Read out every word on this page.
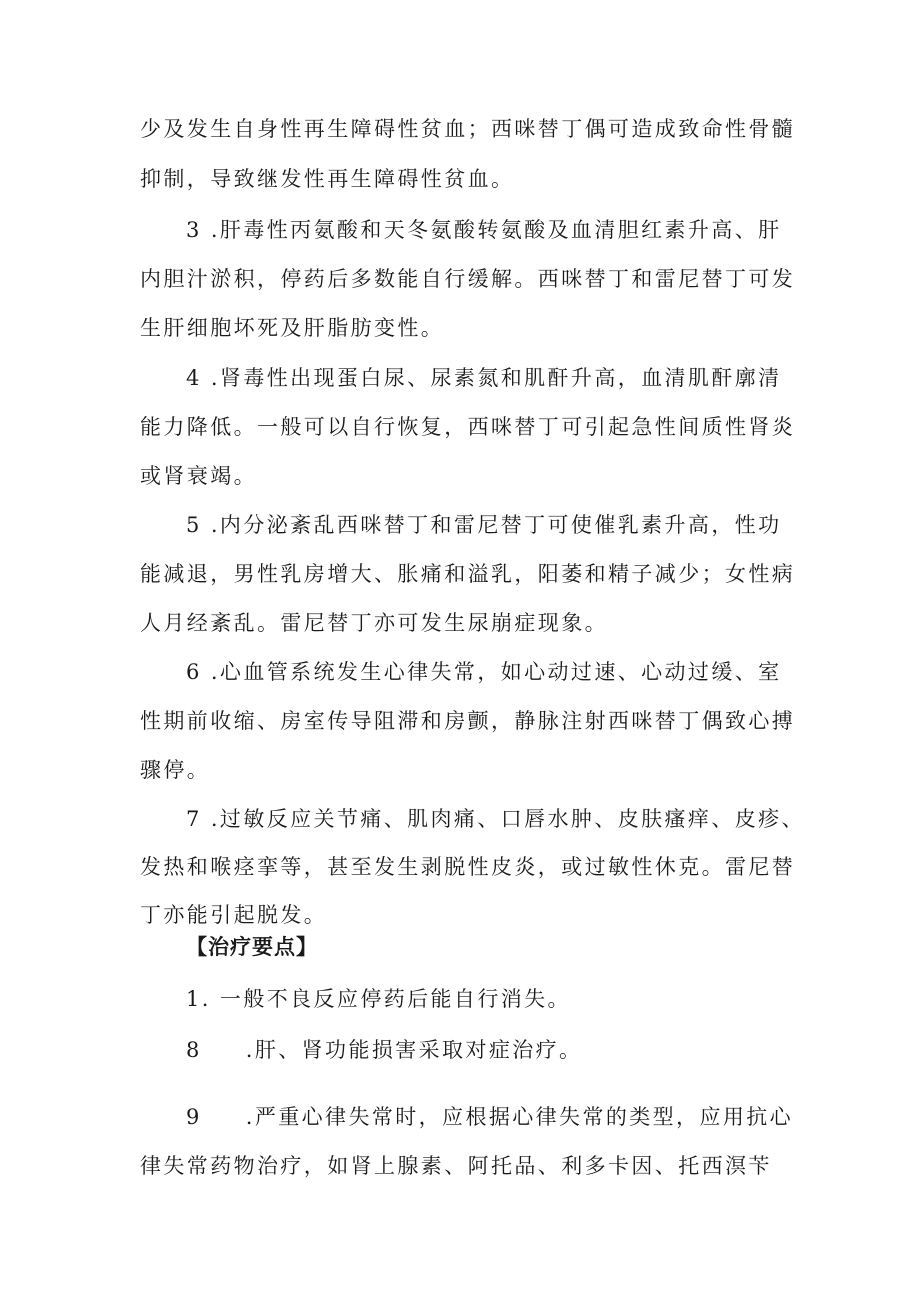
少及发生自身性再生障碍性贫血；西咪替丁偶可造成致命性骨髓
抑制，导致继发性再生障碍性贫血。
3 .肝毒性丙氨酸和天冬氨酸转氨酸及血清胆红素升高、肝
内胆汁淤积，停药后多数能自行缓解。西咪替丁和雷尼替丁可发
生肝细胞坏死及肝脂肪变性。
4 .肾毒性出现蛋白尿、尿素氮和肌酐升高，血清肌酐廓清
能力降低。一般可以自行恢复，西咪替丁可引起急性间质性肾炎
或肾衰竭。
5 .内分泌紊乱西咪替丁和雷尼替丁可使催乳素升高，性功
能减退，男性乳房增大、胀痛和溢乳，阳萎和精子减少；女性病
人月经紊乱。雷尼替丁亦可发生尿崩症现象。
6 .心血管系统发生心律失常，如心动过速、心动过缓、室
性期前收缩、房室传导阻滞和房颤，静脉注射西咪替丁偶致心搏
骤停。
7 .过敏反应关节痛、肌肉痛、口唇水肿、皮肤瘙痒、皮疹、
发热和喉痉挛等，甚至发生剥脱性皮炎，或过敏性休克。雷尼替
丁亦能引起脱发。
【治疗要点】
1. 一般不良反应停药后能自行消失。
8 .肝、肾功能损害采取对症治疗。
9 .严重心律失常时，应根据心律失常的类型，应用抗心
律失常药物治疗，如肾上腺素、阿托品、利多卡因、托西溟苄
